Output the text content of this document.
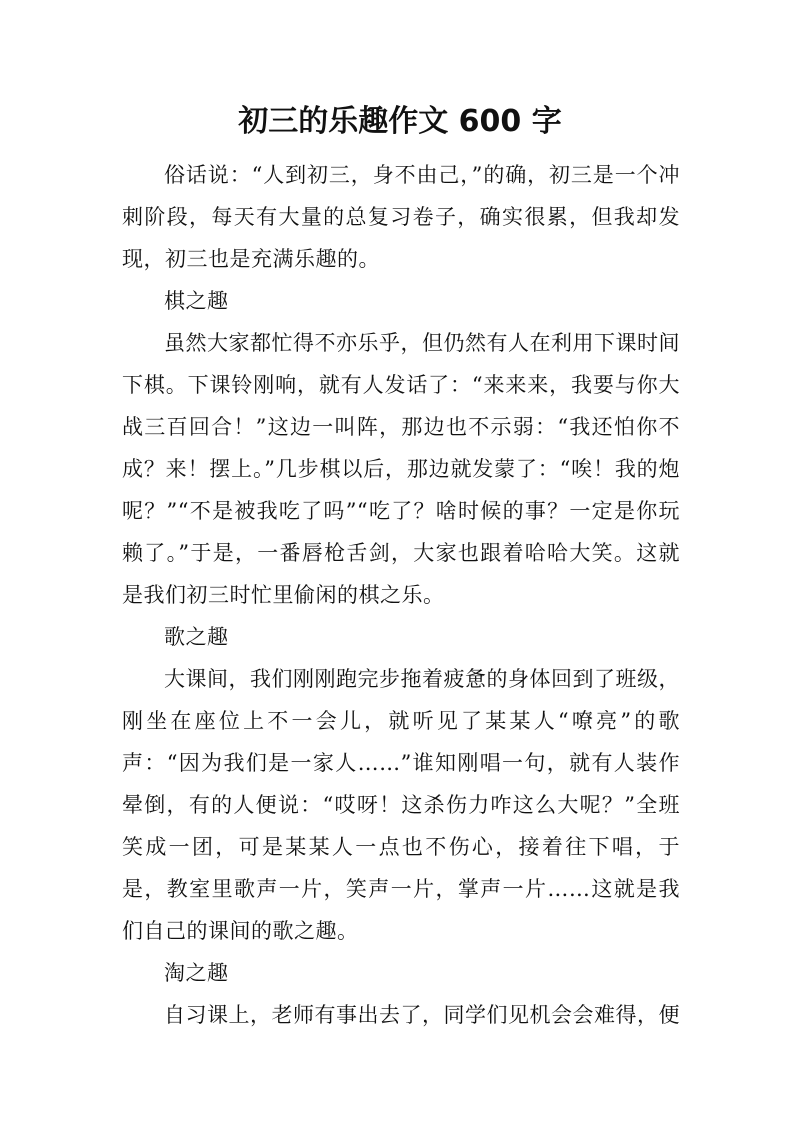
初三的乐趣作文 600 字

俗话说：“人到初三，身不由己，”的确，初三是一个冲刺阶段，每天有大量的总复习卷子，确实很累，但我却发现，初三也是充满乐趣的。

棋之趣

虽然大家都忙得不亦乐乎，但仍然有人在利用下课时间下棋。下课铃刚响，就有人发话了：“来来来，我要与你大战三百回合！”这边一叫阵，那边也不示弱：“我还怕你不成？来！摆上。”几步棋以后，那边就发蒙了：“唉！我的炮呢？”“不是被我吃了吗”“吃了？啥时候的事？一定是你玩赖了。”于是，一番唇枪舌剑，大家也跟着哈哈大笑。这就是我们初三时忙里偷闲的棋之乐。

歌之趣

大课间，我们刚刚跑完步拖着疲惫的身体回到了班级，刚坐在座位上不一会儿，就听见了某某人“嘹亮”的歌声：“因为我们是一家人……”谁知刚唱一句，就有人装作晕倒，有的人便说：“哎呀！这杀伤力咋这么大呢？”全班笑成一团，可是某某人一点也不伤心，接着往下唱，于是，教室里歌声一片，笑声一片，掌声一片……这就是我们自己的课间的歌之趣。

淘之趣

自习课上，老师有事出去了，同学们见机会会难得，便
